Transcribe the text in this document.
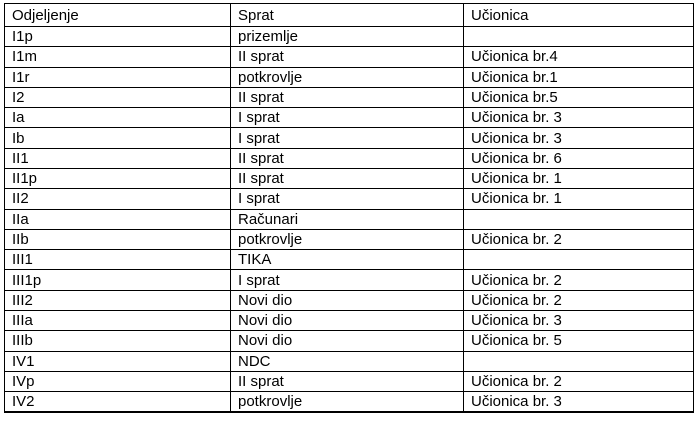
Odjeljenje	Sprat	Učionica
I1p	prizemlje	
I1m	II sprat	Učionica br.4
I1r	potkrovlje	Učionica br.1
I2	II sprat	Učionica br.5
Ia	I sprat	Učionica br. 3
Ib	I sprat	Učionica br. 3
II1	II sprat	Učionica br. 6
II1p	II sprat	Učionica br. 1
II2	I sprat	Učionica br. 1
IIa	Računari	
IIb	potkrovlje	Učionica br. 2
III1	TIKA	
III1p	I sprat	Učionica br. 2
III2	Novi dio	Učionica br. 2
IIIa	Novi dio	Učionica br. 3
IIIb	Novi dio	Učionica br. 5
IV1	NDC	
IVp	II sprat	Učionica br. 2
IV2	potkrovlje	Učionica br. 3
